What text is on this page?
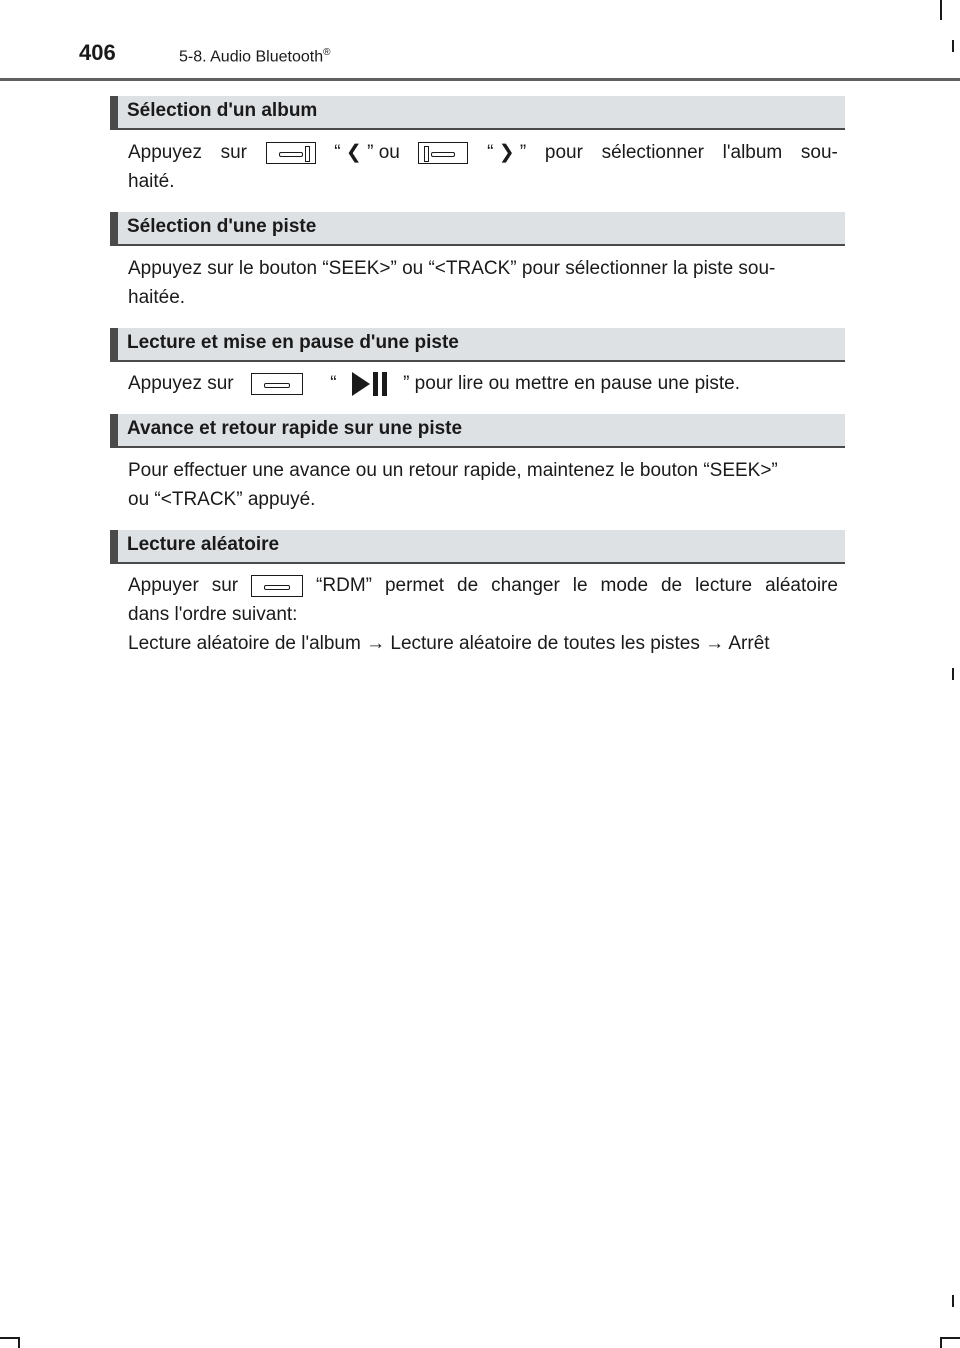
406	5-8. Audio Bluetooth®
Sélection d'un album
Appuyez sur	“ ❮ ” ou	“ ❯ ” pour sélectionner l'album sou-
haité.
Sélection d'une piste
Appuyez sur le bouton “SEEK>” ou “<TRACK” pour sélectionner la piste sou-
haitée.
Lecture et mise en pause d'une piste
Appuyez sur	“	” pour lire ou mettre en pause une piste.
Avance et retour rapide sur une piste
Pour effectuer une avance ou un retour rapide, maintenez le bouton “SEEK>”
ou “<TRACK” appuyé.
Lecture aléatoire
Appuyer sur	“RDM” permet de changer le mode de lecture aléatoire
dans l'ordre suivant:
Lecture aléatoire de l'album → Lecture aléatoire de toutes les pistes → Arrêt
